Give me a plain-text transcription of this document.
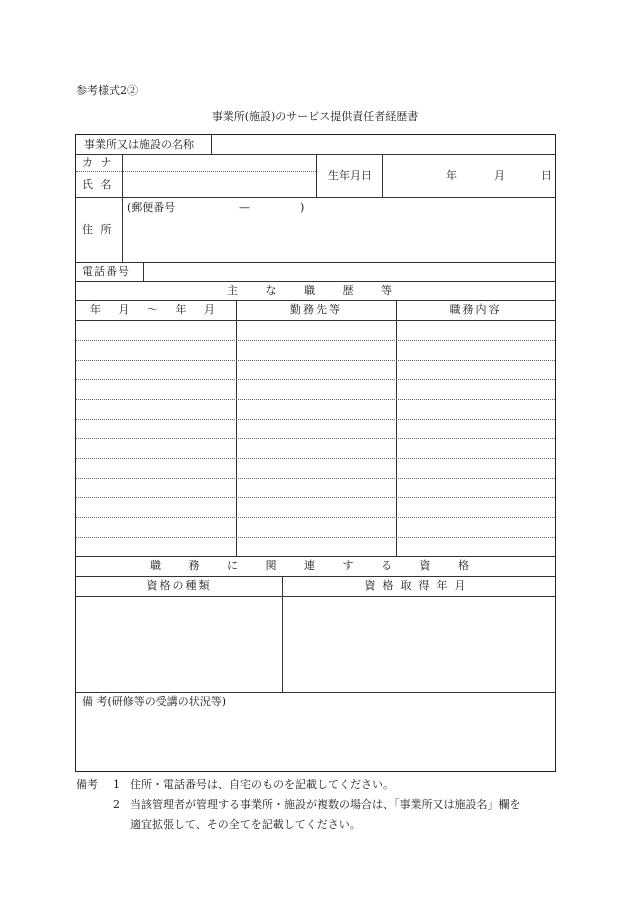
参考様式2②
事業所(施設)のサービス提供責任者経歴書
事業所又は施設の名称
カ ナ
氏 名
生年月日	年	月	日
住 所
(郵便番号	—	)
電話番号
主 な 職 歴 等
年 月 〜 年 月	勤務先等	職務内容
職 務 に 関 連 す る 資 格
資格の種類	資格取得年月
備 考(研修等の受講の状況等)
備考 1 住所・電話番号は、自宅のものを記載してください。
2 当該管理者が管理する事業所・施設が複数の場合は、「事業所又は施設名」欄を
適宜拡張して、その全てを記載してください。
